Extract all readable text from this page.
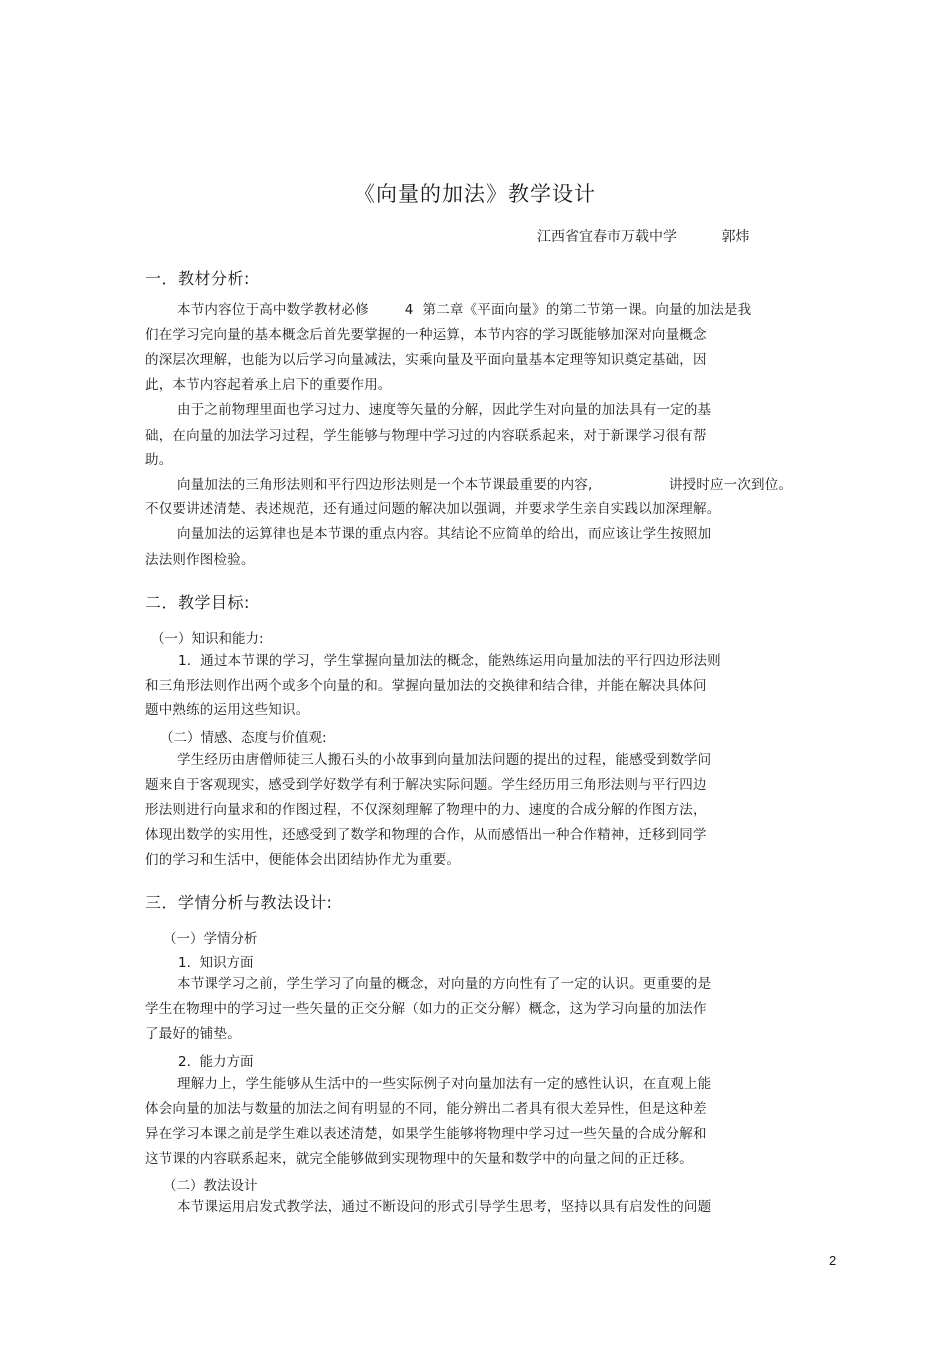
《向量的加法》教学设计
江西省宜春市万载中学          郭炜
一．教材分析:
本节内容位于高中数学教材必修        4  第二章《平面向量》的第二节第一课。向量的加法是我
们在学习完向量的基本概念后首先要掌握的一种运算，本节内容的学习既能够加深对向量概念
的深层次理解，也能为以后学习向量减法，实乘向量及平面向量基本定理等知识奠定基础，因
此，本节内容起着承上启下的重要作用。
由于之前物理里面也学习过力、速度等矢量的分解，因此学生对向量的加法具有一定的基
础，在向量的加法学习过程，学生能够与物理中学习过的内容联系起来，对于新课学习很有帮
助。
向量加法的三角形法则和平行四边形法则是一个本节课最重要的内容,                 讲授时应一次到位。
不仅要讲述清楚、表述规范，还有通过问题的解决加以强调，并要求学生亲自实践以加深理解。
向量加法的运算律也是本节课的重点内容。其结论不应简单的给出，而应该让学生按照加
法法则作图检验。
二．教学目标:
（一）知识和能力:
1.  通过本节课的学习，学生掌握向量加法的概念，能熟练运用向量加法的平行四边形法则
和三角形法则作出两个或多个向量的和。掌握向量加法的交换律和结合律，并能在解决具体问
题中熟练的运用这些知识。
（二）情感、态度与价值观:
学生经历由唐僧师徒三人搬石头的小故事到向量加法问题的提出的过程，能感受到数学问
题来自于客观现实，感受到学好数学有利于解决实际问题。学生经历用三角形法则与平行四边
形法则进行向量求和的作图过程，不仅深刻理解了物理中的力、速度的合成分解的作图方法，
体现出数学的实用性，还感受到了数学和物理的合作，从而感悟出一种合作精神，迁移到同学
们的学习和生活中，便能体会出团结协作尤为重要。
三．学情分析与教法设计:
（一）学情分析
1.  知识方面
本节课学习之前，学生学习了向量的概念，对向量的方向性有了一定的认识。更重要的是
学生在物理中的学习过一些矢量的正交分解（如力的正交分解）概念，这为学习向量的加法作
了最好的铺垫。
2.  能力方面
理解力上，学生能够从生活中的一些实际例子对向量加法有一定的感性认识，在直观上能
体会向量的加法与数量的加法之间有明显的不同，能分辨出二者具有很大差异性，但是这种差
异在学习本课之前是学生难以表述清楚，如果学生能够将物理中学习过一些矢量的合成分解和
这节课的内容联系起来，就完全能够做到实现物理中的矢量和数学中的向量之间的正迁移。
（二）教法设计
本节课运用启发式教学法，通过不断设问的形式引导学生思考，坚持以具有启发性的问题
2
